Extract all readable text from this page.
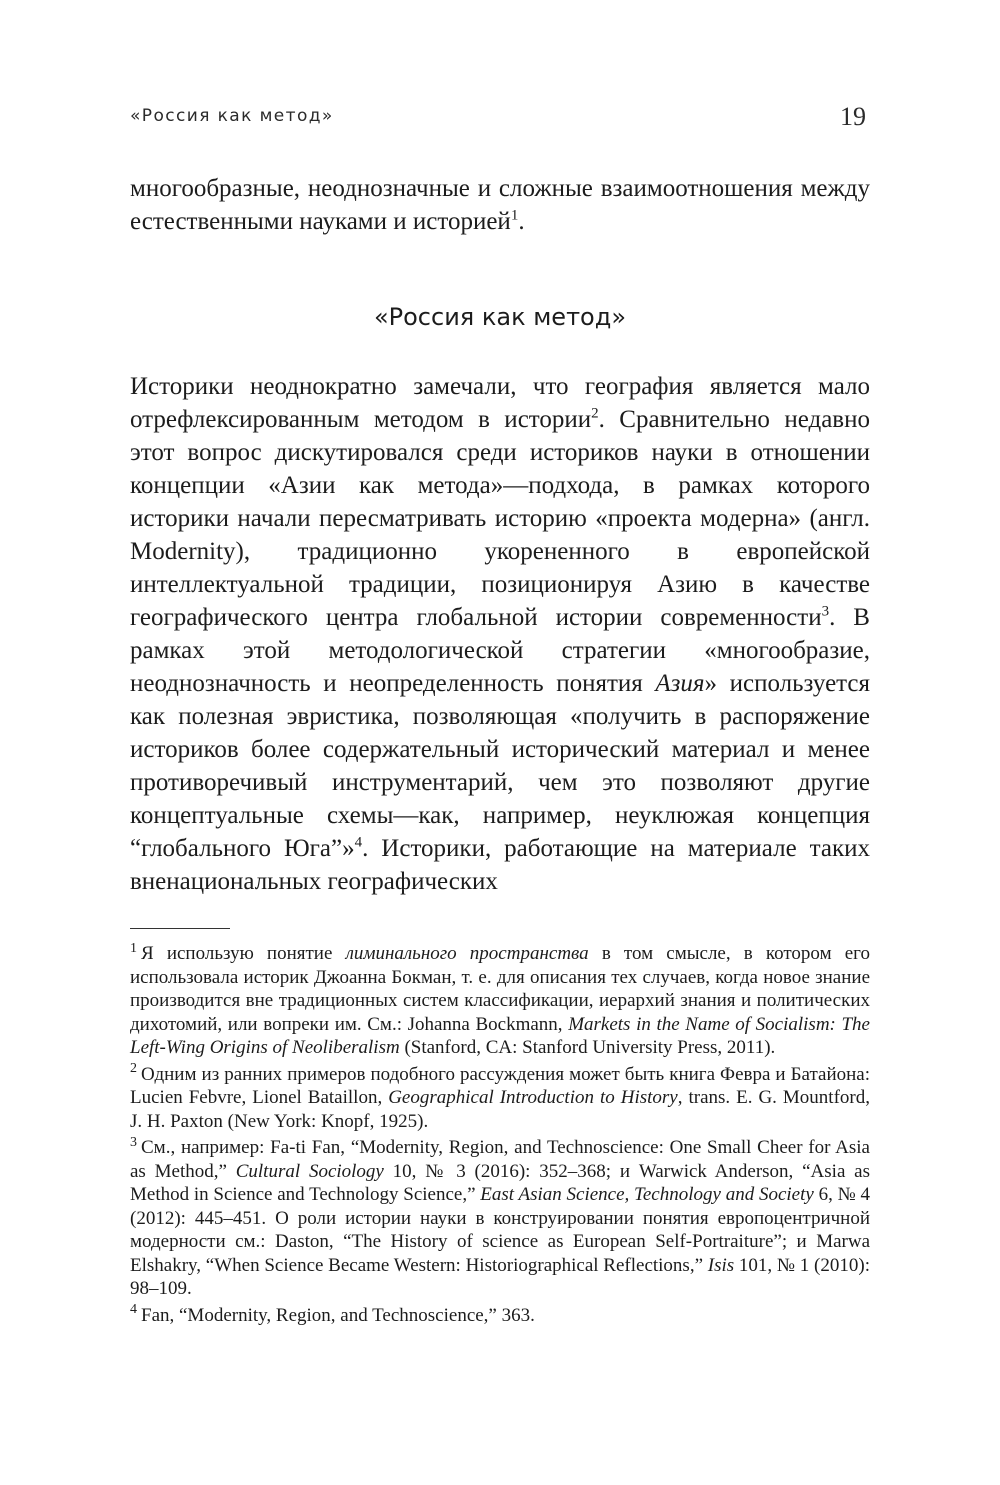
«Россия как метод»	19

многообразные, неоднозначные и сложные взаимоотношения между естественными науками и историей$^1$.

«Россия как метод»

Историки неоднократно замечали, что география является мало отрефлексированным методом в истории$^2$. Сравнительно недавно этот вопрос дискутировался среди историков науки в отношении концепции «Азии как метода»—подхода, в рамках которого историки начали пересматривать историю «проекта модерна» (англ. Modernity), традиционно укорененного в европейской интеллектуальной традиции, позиционируя Азию в качестве географического центра глобальной истории современности$^3$. В рамках этой методологической стратегии «многообразие, неоднозначность и неопределенность понятия Азия» используется как полезная эвристика, позволяющая «получить в распоряжение историков более содержательный исторический материал и менее противоречивый инструментарий, чем это позволяют другие концептуальные схемы—как, например, неуклюжая концепция “глобального Юга”»$^4$. Историки, работающие на материале таких вненациональных географических

$^1$ Я использую понятие лиминального пространства в том смысле, в котором его использовала историк Джоанна Бокман, т. е. для описания тех случаев, когда новое знание производится вне традиционных систем классификации, иерархий знания и политических дихотомий, или вопреки им. См.: Johanna Bockmann, Markets in the Name of Socialism: The Left-Wing Origins of Neoliberalism (Stanford, CA: Stanford University Press, 2011).

$^2$ Одним из ранних примеров подобного рассуждения может быть книга Февра и Батайона: Lucien Febvre, Lionel Bataillon, Geographical Introduction to History, trans. E. G. Mountford, J. H. Paxton (New York: Knopf, 1925).

$^3$ См., например: Fa-ti Fan, “Modernity, Region, and Technoscience: One Small Cheer for Asia as Method,” Cultural Sociology 10, № 3 (2016): 352–368; и Warwick Anderson, “Asia as Method in Science and Technology Science,” East Asian Science, Technology and Society 6, № 4 (2012): 445–451. О роли истории науки в конструировании понятия европоцентричной модерности см.: Daston, “The History of science as European Self-Portraiture”; и Marwa Elshakry, “When Science Became Western: Historiographical Reflections,” Isis 101, № 1 (2010): 98–109.

$^4$ Fan, “Modernity, Region, and Technoscience,” 363.
